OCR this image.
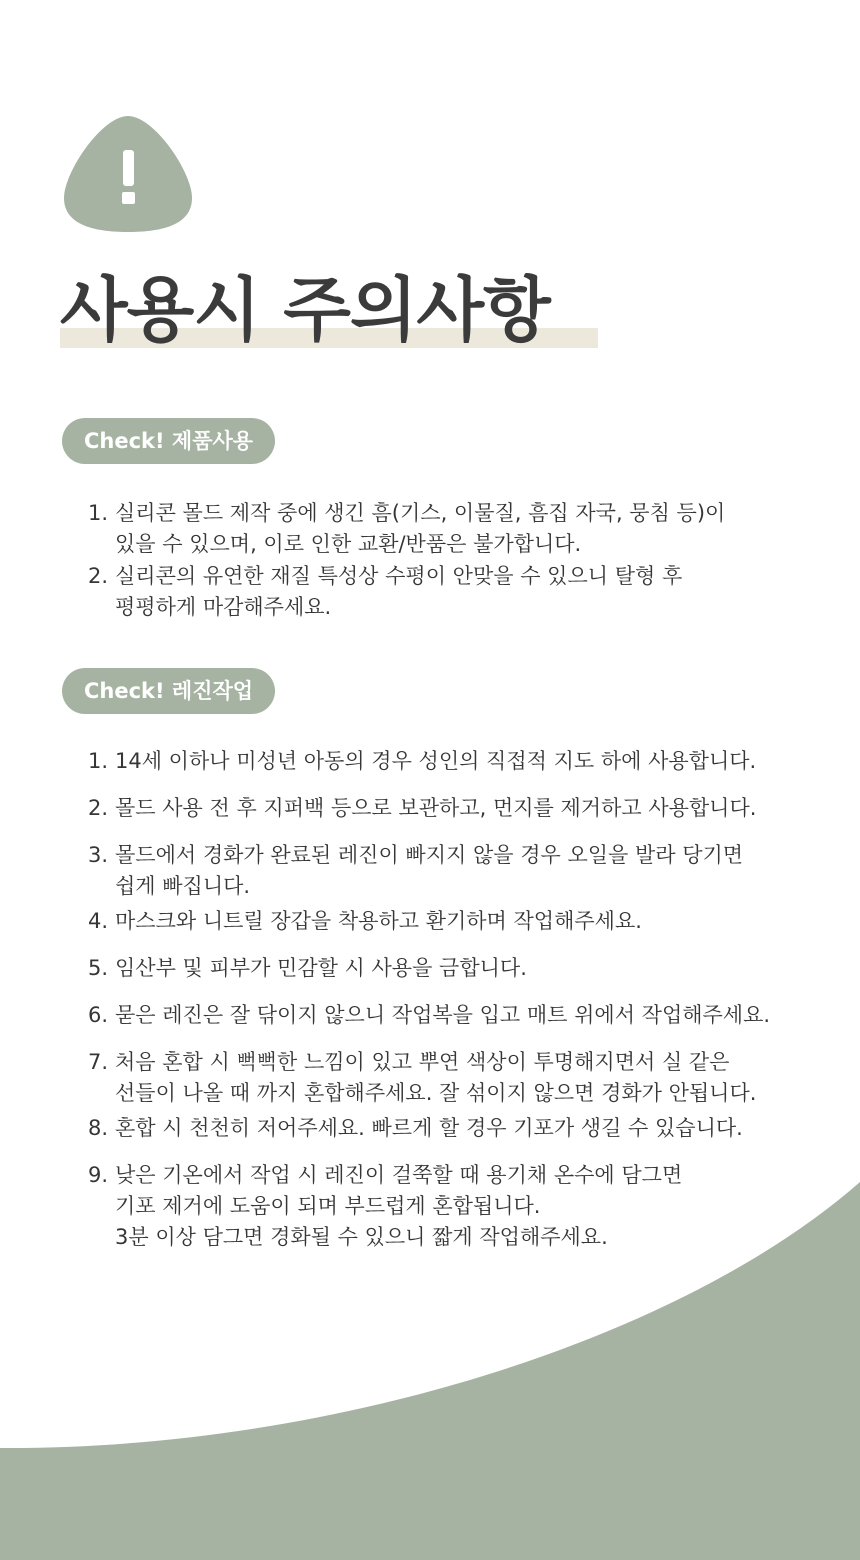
사용시 주의사항
Check! 제품사용
1. 실리콘 몰드 제작 중에 생긴 흠(기스, 이물질, 흠집 자국, 뭉침 등)이
있을 수 있으며, 이로 인한 교환/반품은 불가합니다.
2. 실리콘의 유연한 재질 특성상 수평이 안맞을 수 있으니 탈형 후
평평하게 마감해주세요.
Check! 레진작업
1. 14세 이하나 미성년 아동의 경우 성인의 직접적 지도 하에 사용합니다.
2. 몰드 사용 전 후 지퍼백 등으로 보관하고, 먼지를 제거하고 사용합니다.
3. 몰드에서 경화가 완료된 레진이 빠지지 않을 경우 오일을 발라 당기면
쉽게 빠집니다.
4. 마스크와 니트릴 장갑을 착용하고 환기하며 작업해주세요.
5. 임산부 및 피부가 민감할 시 사용을 금합니다.
6. 묻은 레진은 잘 닦이지 않으니 작업복을 입고 매트 위에서 작업해주세요.
7. 처음 혼합 시 뻑뻑한 느낌이 있고 뿌연 색상이 투명해지면서 실 같은
선들이 나올 때 까지 혼합해주세요. 잘 섞이지 않으면 경화가 안됩니다.
8. 혼합 시 천천히 저어주세요. 빠르게 할 경우 기포가 생길 수 있습니다.
9. 낮은 기온에서 작업 시 레진이 걸쭉할 때 용기채 온수에 담그면
기포 제거에 도움이 되며 부드럽게 혼합됩니다.
3분 이상 담그면 경화될 수 있으니 짧게 작업해주세요.
